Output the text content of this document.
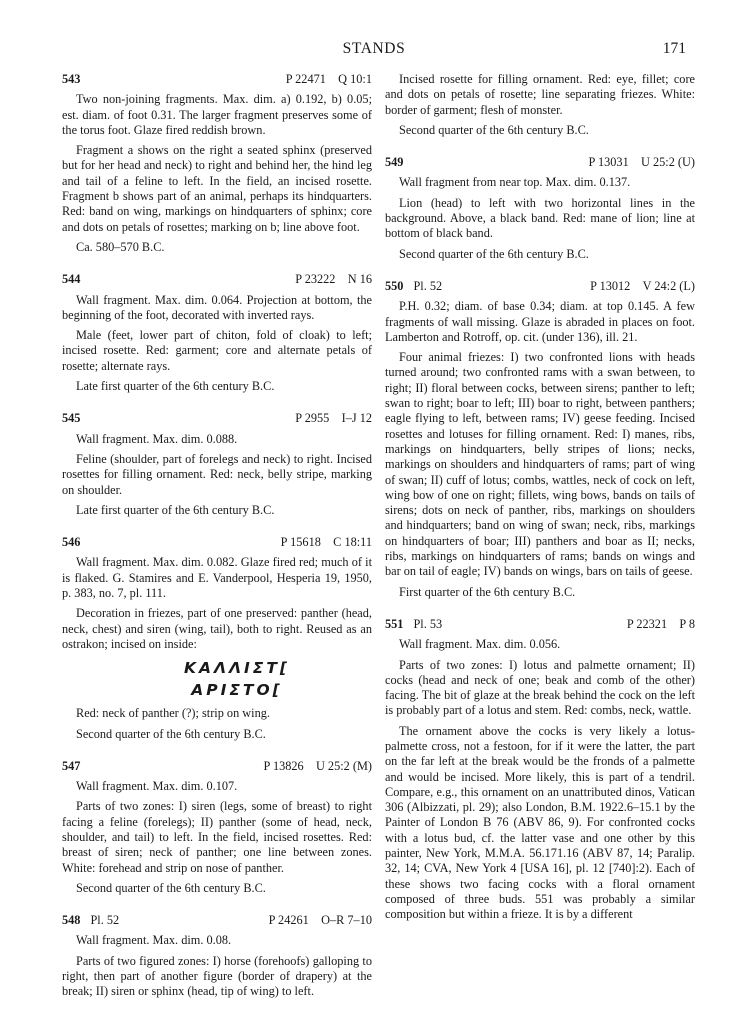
STANDS	171
543	P 22471 Q 10:1

Two non-joining fragments. Max. dim. a) 0.192, b) 0.05; est. diam. of foot 0.31. The larger fragment preserves some of the torus foot. Glaze fired reddish brown.

Fragment a shows on the right a seated sphinx (preserved but for her head and neck) to right and behind her, the hind leg and tail of a feline to left. In the field, an incised rosette. Fragment b shows part of an animal, perhaps its hindquarters. Red: band on wing, markings on hindquarters of sphinx; core and dots on petals of rosettes; marking on b; line above foot.

Ca. 580–570 B.C.

544	P 23222 N 16

Wall fragment. Max. dim. 0.064. Projection at bottom, the beginning of the foot, decorated with inverted rays.

Male (feet, lower part of chiton, fold of cloak) to left; incised rosette. Red: garment; core and alternate petals of rosette; alternate rays.

Late first quarter of the 6th century B.C.

545	P 2955 I–J 12

Wall fragment. Max. dim. 0.088.

Feline (shoulder, part of forelegs and neck) to right. Incised rosettes for filling ornament. Red: neck, belly stripe, marking on shoulder.

Late first quarter of the 6th century B.C.

546	P 15618 C 18:11

Wall fragment. Max. dim. 0.082. Glaze fired red; much of it is flaked. G. Stamires and E. Vanderpool, Hesperia 19, 1950, p. 383, no. 7, pl. 111.

Decoration in friezes, part of one preserved: panther (head, neck, chest) and siren (wing, tail), both to right. Reused as an ostrakon; incised on inside:

ΚΑΛΛΙΣΤ[
ΑΡΙΣΤΟ[

Red: neck of panther (?); strip on wing.

Second quarter of the 6th century B.C.

547	P 13826 U 25:2 (M)

Wall fragment. Max. dim. 0.107.

Parts of two zones: I) siren (legs, some of breast) to right facing a feline (forelegs); II) panther (some of head, neck, shoulder, and tail) to left. In the field, incised rosettes. Red: breast of siren; neck of panther; one line between zones. White: forehead and strip on nose of panther.

Second quarter of the 6th century B.C.

548 Pl. 52	P 24261 O–R 7–10

Wall fragment. Max. dim. 0.08.

Parts of two figured zones: I) horse (forehoofs) galloping to right, then part of another figure (border of drapery) at the break; II) siren or sphinx (head, tip of wing) to left.

Incised rosette for filling ornament. Red: eye, fillet; core and dots on petals of rosette; line separating friezes. White: border of garment; flesh of monster.

Second quarter of the 6th century B.C.

549	P 13031 U 25:2 (U)

Wall fragment from near top. Max. dim. 0.137.

Lion (head) to left with two horizontal lines in the background. Above, a black band. Red: mane of lion; line at bottom of black band.

Second quarter of the 6th century B.C.

550 Pl. 52	P 13012 V 24:2 (L)

P.H. 0.32; diam. of base 0.34; diam. at top 0.145. A few fragments of wall missing. Glaze is abraded in places on foot. Lamberton and Rotroff, op. cit. (under 136), ill. 21.

Four animal friezes: I) two confronted lions with heads turned around; two confronted rams with a swan between, to right; II) floral between cocks, between sirens; panther to left; swan to right; boar to left; III) boar to right, between panthers; eagle flying to left, between rams; IV) geese feeding. Incised rosettes and lotuses for filling ornament. Red: I) manes, ribs, markings on hindquarters, belly stripes of lions; necks, markings on shoulders and hindquarters of rams; part of wing of swan; II) cuff of lotus; combs, wattles, neck of cock on left, wing bow of one on right; fillets, wing bows, bands on tails of sirens; dots on neck of panther, ribs, markings on shoulders and hindquarters; band on wing of swan; neck, ribs, markings on hindquarters of boar; III) panthers and boar as II; necks, ribs, markings on hindquarters of rams; bands on wings and bar on tail of eagle; IV) bands on wings, bars on tails of geese.

First quarter of the 6th century B.C.

551 Pl. 53	P 22321 P 8

Wall fragment. Max. dim. 0.056.

Parts of two zones: I) lotus and palmette ornament; II) cocks (head and neck of one; beak and comb of the other) facing. The bit of glaze at the break behind the cock on the left is probably part of a lotus and stem. Red: combs, neck, wattle.

The ornament above the cocks is very likely a lotus-palmette cross, not a festoon, for if it were the latter, the part on the far left at the break would be the fronds of a palmette and would be incised. More likely, this is part of a tendril. Compare, e.g., this ornament on an unattributed dinos, Vatican 306 (Albizzati, pl. 29); also London, B.M. 1922.6–15.1 by the Painter of London B 76 (ABV 86, 9). For confronted cocks with a lotus bud, cf. the latter vase and one other by this painter, New York, M.M.A. 56.171.16 (ABV 87, 14; Paralip. 32, 14; CVA, New York 4 [USA 16], pl. 12 [740]:2). Each of these shows two facing cocks with a floral ornament composed of three buds. 551 was probably a similar composition but within a frieze. It is by a different
